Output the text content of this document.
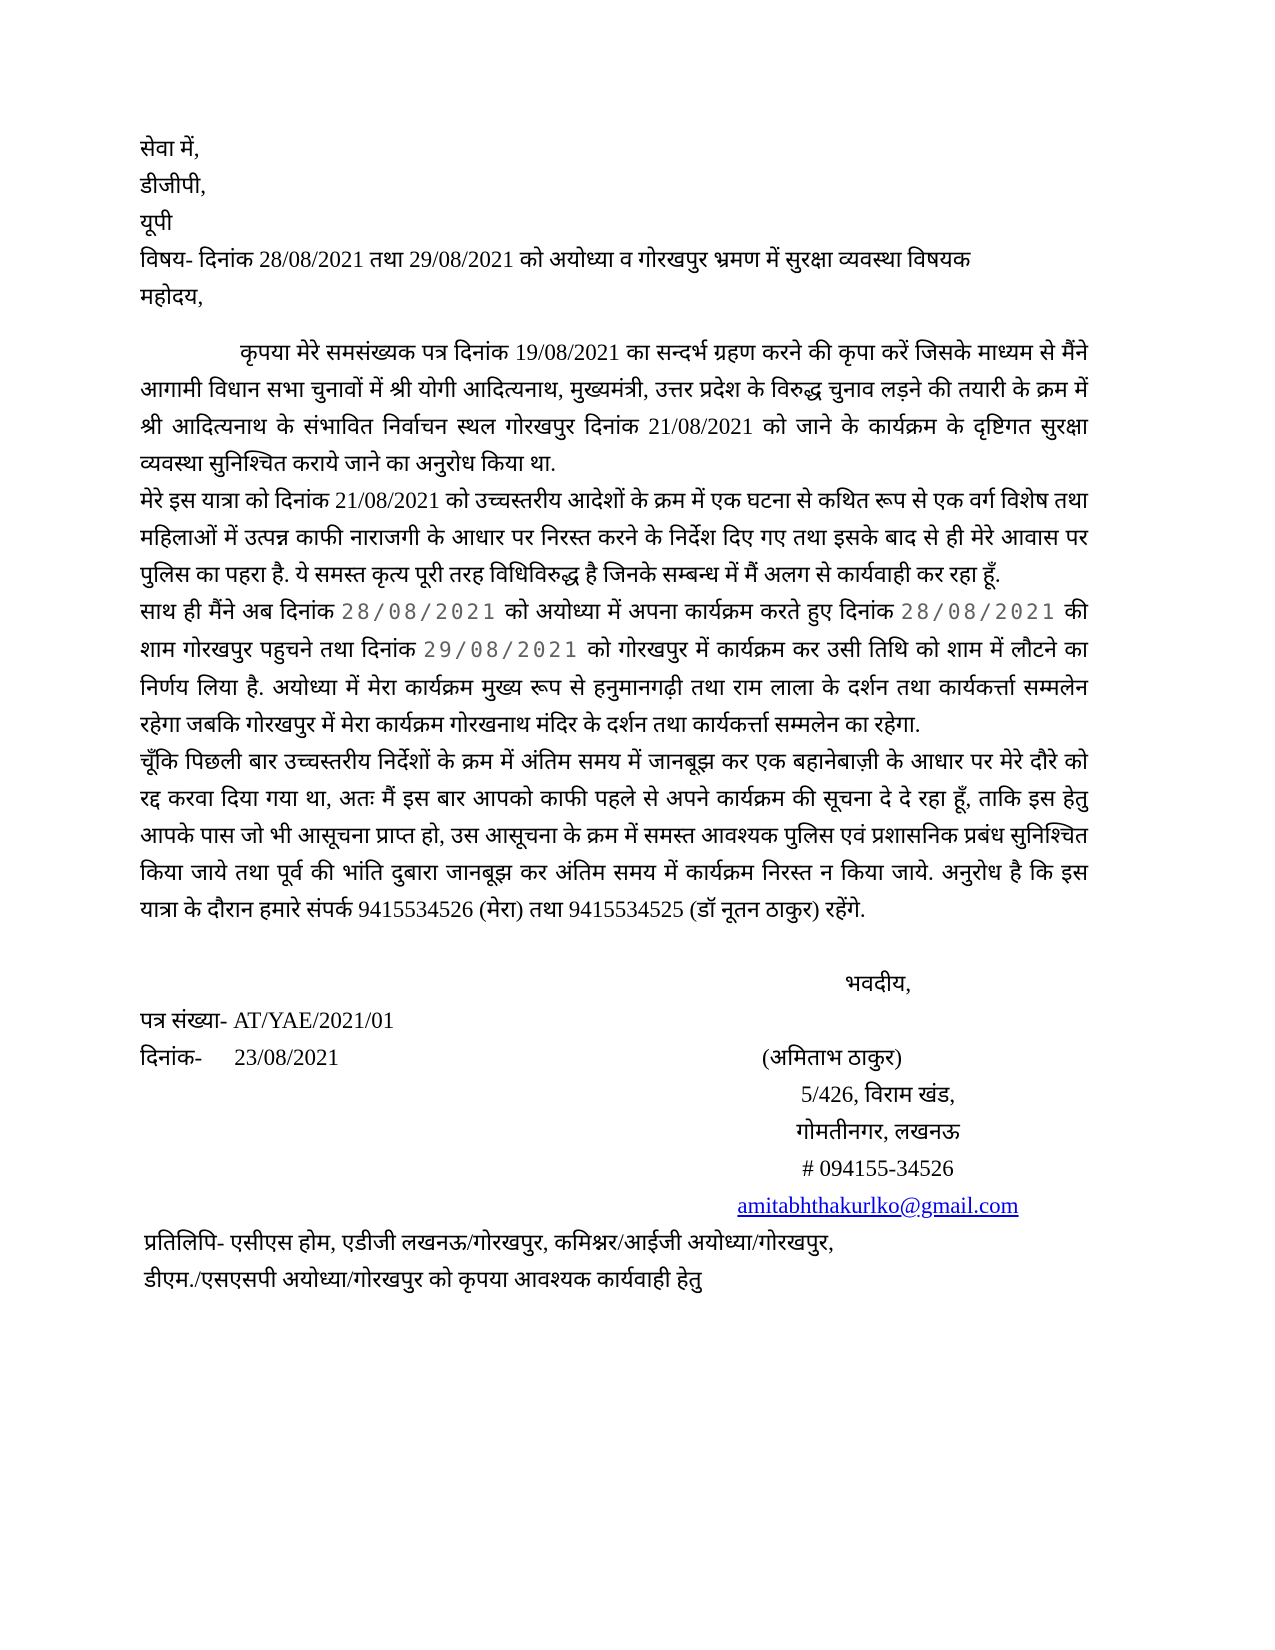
सेवा में,
डीजीपी,
यूपी
विषय- दिनांक 28/08/2021 तथा 29/08/2021 को अयोध्या व गोरखपुर भ्रमण में सुरक्षा व्यवस्था विषयक
महोदय,

कृपया मेरे समसंख्यक पत्र दिनांक 19/08/2021 का सन्दर्भ ग्रहण करने की कृपा करें जिसके माध्यम से मैंने आगामी विधान सभा चुनावों में श्री योगी आदित्यनाथ, मुख्यमंत्री, उत्तर प्रदेश के विरुद्ध चुनाव लड़ने की तयारी के क्रम में श्री आदित्यनाथ के संभावित निर्वाचन स्थल गोरखपुर दिनांक 21/08/2021 को जाने के कार्यक्रम के दृष्टिगत सुरक्षा व्यवस्था सुनिश्चित कराये जाने का अनुरोध किया था.

मेरे इस यात्रा को दिनांक 21/08/2021 को उच्चस्तरीय आदेशों के क्रम में एक घटना से कथित रूप से एक वर्ग विशेष तथा महिलाओं में उत्पन्न काफी नाराजगी के आधार पर निरस्त करने के निर्देश दिए गए तथा इसके बाद से ही मेरे आवास पर पुलिस का पहरा है. ये समस्त कृत्य पूरी तरह विधिविरुद्ध है जिनके सम्बन्ध में मैं अलग से कार्यवाही कर रहा हूँ.

साथ ही मैंने अब दिनांक 28/08/2021 को अयोध्या में अपना कार्यक्रम करते हुए दिनांक 28/08/2021 की शाम गोरखपुर पहुचने तथा दिनांक 29/08/2021 को गोरखपुर में कार्यक्रम कर उसी तिथि को शाम में लौटने का निर्णय लिया है. अयोध्या में मेरा कार्यक्रम मुख्य रूप से हनुमानगढ़ी तथा राम लाला के दर्शन तथा कार्यकर्त्ता सम्मलेन रहेगा जबकि गोरखपुर में मेरा कार्यक्रम गोरखनाथ मंदिर के दर्शन तथा कार्यकर्त्ता सम्मलेन का रहेगा.

चूँकि पिछली बार उच्चस्तरीय निर्देशों के क्रम में अंतिम समय में जानबूझ कर एक बहानेबाज़ी के आधार पर मेरे दौरे को रद्द करवा दिया गया था, अतः मैं इस बार आपको काफी पहले से अपने कार्यक्रम की सूचना दे दे रहा हूँ, ताकि इस हेतु आपके पास जो भी आसूचना प्राप्त हो, उस आसूचना के क्रम में समस्त आवश्यक पुलिस एवं प्रशासनिक प्रबंध सुनिश्चित किया जाये तथा पूर्व की भांति दुबारा जानबूझ कर अंतिम समय में कार्यक्रम निरस्त न किया जाये. अनुरोध है कि इस यात्रा के दौरान हमारे संपर्क 9415534526 (मेरा) तथा 9415534525 (डॉ नूतन ठाकुर) रहेंगे.

भवदीय,
पत्र संख्या- AT/YAE/2021/01
दिनांक- 23/08/2021	(अमिताभ ठाकुर)
5/426, विराम खंड,
गोमतीनगर, लखनऊ
# 094155-34526
amitabhthakurlko@gmail.com
प्रतिलिपि- एसीएस होम, एडीजी लखनऊ/गोरखपुर, कमिश्नर/आईजी अयोध्या/गोरखपुर,
डीएम./एसएसपी अयोध्या/गोरखपुर को कृपया आवश्यक कार्यवाही हेतु
